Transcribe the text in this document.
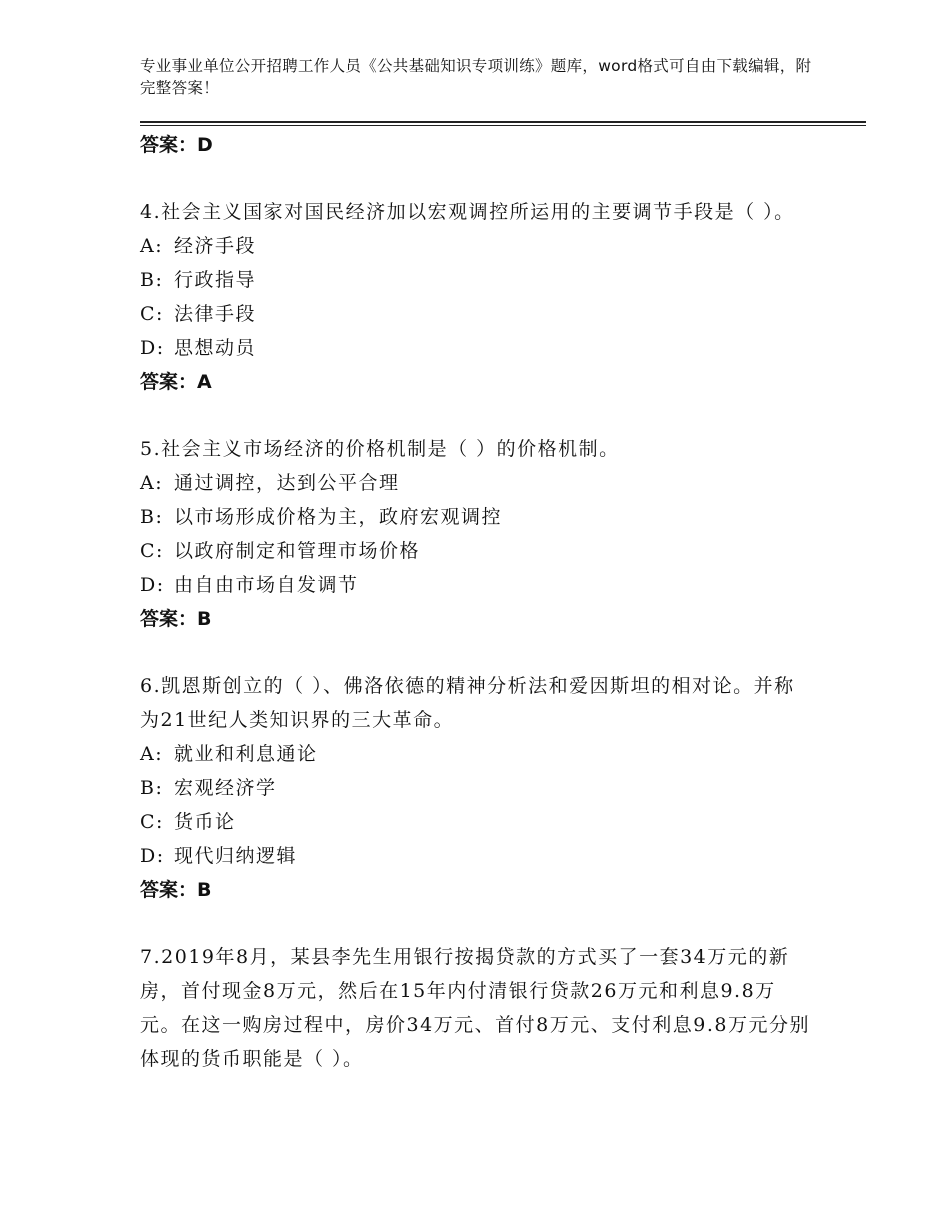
专业事业单位公开招聘工作人员《公共基础知识专项训练》题库，word格式可自由下载编辑，附完整答案！
答案：D
4.社会主义国家对国民经济加以宏观调控所运用的主要调节手段是（ ）。
A: 经济手段
B: 行政指导
C: 法律手段
D: 思想动员
答案：A
5.社会主义市场经济的价格机制是（ ）的价格机制。
A: 通过调控，达到公平合理
B: 以市场形成价格为主，政府宏观调控
C: 以政府制定和管理市场价格
D: 由自由市场自发调节
答案：B
6.凯恩斯创立的（ ）、佛洛依德的精神分析法和爱因斯坦的相对论。并称为21世纪人类知识界的三大革命。
A: 就业和利息通论
B: 宏观经济学
C: 货币论
D: 现代归纳逻辑
答案：B
7.2019年8月，某县李先生用银行按揭贷款的方式买了一套34万元的新房，首付现金8万元，然后在15年内付清银行贷款26万元和利息9.8万元。在这一购房过程中，房价34万元、首付8万元、支付利息9.8万元分别体现的货币职能是（ ）。
